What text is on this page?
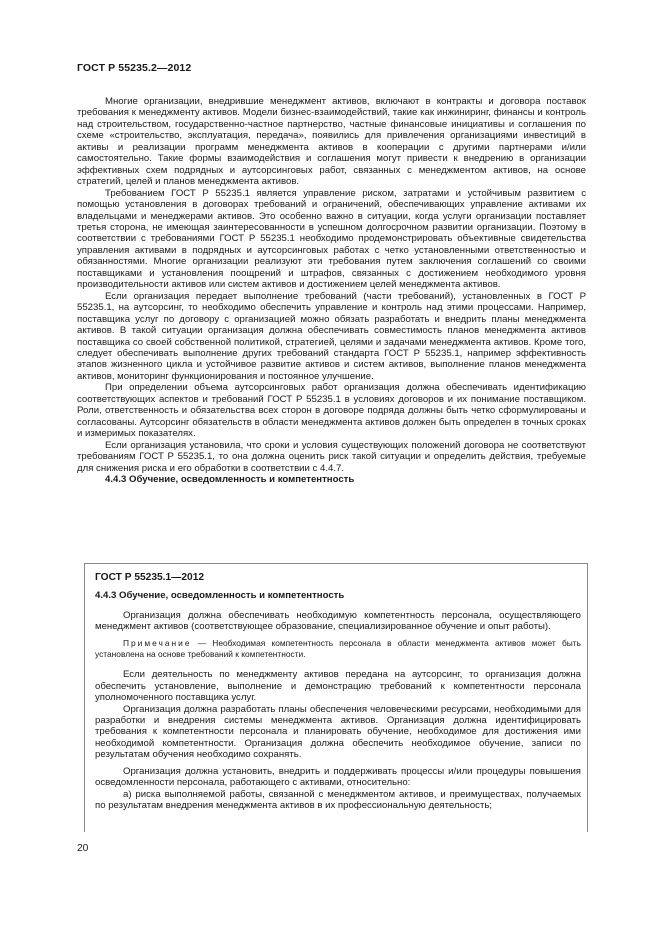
ГОСТ Р 55235.2—2012

Многие организации, внедрившие менеджмент активов, включают в контракты и договора поставок требования к менеджменту активов. Модели бизнес-взаимодействий, такие как инжиниринг, финансы и контроль над строительством, государственно-частное партнерство, частные финансовые инициативы и соглашения по схеме «строительство, эксплуатация, передача», появились для привлечения организациями инвестиций в активы и реализации программ менеджмента активов в кооперации с другими партнерами и/или самостоятельно. Такие формы взаимодействия и соглашения могут привести к внедрению в организации эффективных схем подрядных и аутсорсинговых работ, связанных с менеджментом активов, на основе стратегий, целей и планов менеджмента активов.

Требованием ГОСТ Р 55235.1 является управление риском, затратами и устойчивым развитием с помощью установления в договорах требований и ограничений, обеспечивающих управление активами их владельцами и менеджерами активов. Это особенно важно в ситуации, когда услуги организации поставляет третья сторона, не имеющая заинтересованности в успешном долгосрочном развитии организации. Поэтому в соответствии с требованиями ГОСТ Р 55235.1 необходимо продемонстрировать объективные свидетельства управления активами в подрядных и аутсорсинговых работах с четко установленными ответственностью и обязанностями. Многие организации реализуют эти требования путем заключения соглашений со своими поставщиками и установления поощрений и штрафов, связанных с достижением необходимого уровня производительности активов или систем активов и достижением целей менеджмента активов.

Если организация передает выполнение требований (части требований), установленных в ГОСТ Р 55235.1, на аутсорсинг, то необходимо обеспечить управление и контроль над этими процессами. Например, поставщика услуг по договору с организацией можно обязать разработать и внедрить планы менеджмента активов. В такой ситуации организация должна обеспечивать совместимость планов менеджмента активов поставщика со своей собственной политикой, стратегией, целями и задачами менеджмента активов. Кроме того, следует обеспечивать выполнение других требований стандарта ГОСТ Р 55235.1, например эффективность этапов жизненного цикла и устойчивое развитие активов и систем активов, выполнение планов менеджмента активов, мониторинг функционирования и постоянное улучшение.

При определении объема аутсорсинговых работ организация должна обеспечивать идентификацию соответствующих аспектов и требований ГОСТ Р 55235.1 в условиях договоров и их понимание поставщиком. Роли, ответственность и обязательства всех сторон в договоре подряда должны быть четко сформулированы и согласованы. Аутсорсинг обязательств в области менеджмента активов должен быть определен в точных сроках и измеримых показателях.

Если организация установила, что сроки и условия существующих положений договора не соответствуют требованиям ГОСТ Р 55235.1, то она должна оценить риск такой ситуации и определить действия, требуемые для снижения риска и его обработки в соответствии с 4.4.7.

4.4.3 Обучение, осведомленность и компетентность
ГОСТ Р 55235.1—2012
4.4.3 Обучение, осведомленность и компетентность

Организация должна обеспечивать необходимую компетентность персонала, осуществляющего менеджмент активов (соответствующее образование, специализированное обучение и опыт работы).

Примечание — Необходимая компетентность персонала в области менеджмента активов может быть установлена на основе требований к компетентности.

Если деятельность по менеджменту активов передана на аутсорсинг, то организация должна обеспечить установление, выполнение и демонстрацию требований к компетентности персонала уполномоченного поставщика услуг.

Организация должна разработать планы обеспечения человеческими ресурсами, необходимыми для разработки и внедрения системы менеджмента активов. Организация должна идентифицировать требования к компетентности персонала и планировать обучение, необходимое для достижения ими необходимой компетентности. Организация должна обеспечить необходимое обучение, записи по результатам обучения необходимо сохранять.

Организация должна установить, внедрить и поддерживать процессы и/или процедуры повышения осведомленности персонала, работающего с активами, относительно:

а) риска выполняемой работы, связанной с менеджментом активов, и преимуществах, получаемых по результатам внедрения менеджмента активов в их профессиональную деятельность;

20
